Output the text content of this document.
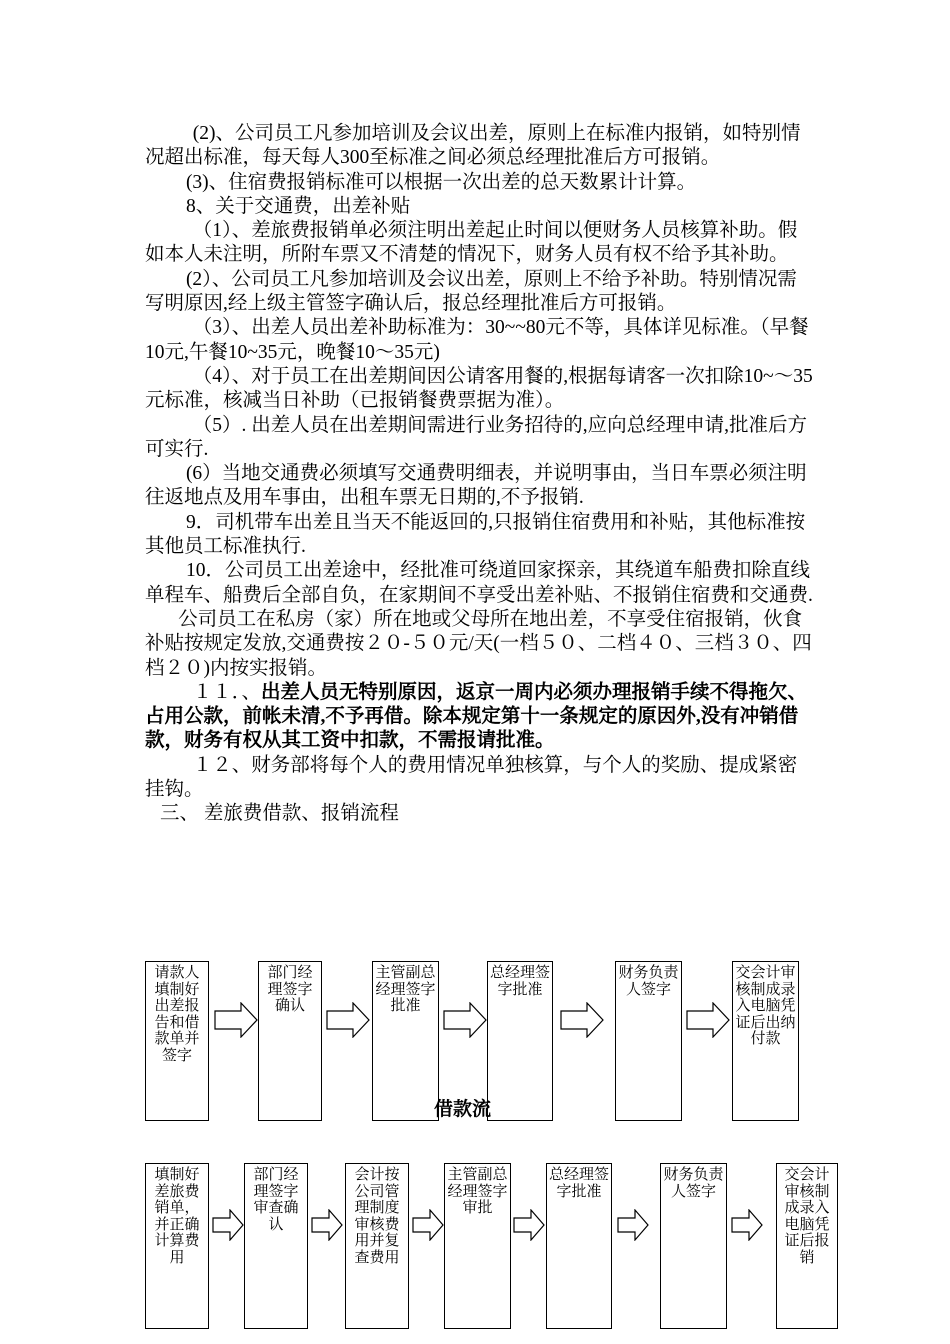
(2)、公司员工凡参加培训及会议出差，原则上在标准内报销，如特别情况超出标准，每天每人300至标准之间必须总经理批准后方可报销。

(3)、住宿费报销标准可以根据一次出差的总天数累计计算。

8、关于交通费，出差补贴

（1）、差旅费报销单必须注明出差起止时间以便财务人员核算补助。假如本人未注明，所附车票又不清楚的情况下，财务人员有权不给予其补助。

(2）、公司员工凡参加培训及会议出差，原则上不给予补助。特别情况需写明原因,经上级主管签字确认后，报总经理批准后方可报销。

（3）、出差人员出差补助标准为：30~~80元不等，具体详见标准。（早餐10元,午餐10~35元，晚餐10～35元)

（4）、对于员工在出差期间因公请客用餐的,根据每请客一次扣除10~～35元标准，核减当日补助（已报销餐费票据为准）。

（5）. 出差人员在出差期间需进行业务招待的,应向总经理申请,批准后方可实行.

(6）当地交通费必须填写交通费明细表，并说明事由，当日车票必须注明往返地点及用车事由，出租车票无日期的,不予报销.

9．司机带车出差且当天不能返回的,只报销住宿费用和补贴，其他标准按其他员工标准执行.

10．公司员工出差途中，经批准可绕道回家探亲，其绕道车船费扣除直线单程车、船费后全部自负，在家期间不享受出差补贴、不报销住宿费和交通费.

公司员工在私房（家）所在地或父母所在地出差，不享受住宿报销，伙食补贴按规定发放,交通费按２０-５０元/天(一档５０、二档４０、三档３０、四档２０)内按实报销。

１１．、出差人员无特别原因，返京一周内必须办理报销手续不得拖欠、占用公款，前帐未清,不予再借。除本规定第十一条规定的原因外,没有冲销借款，财务有权从其工资中扣款，不需报请批准。

１２、财务部将每个人的费用情况单独核算，与个人的奖励、提成紧密挂钩。

三、 差旅费借款、报销流程

请款人填制好出差报告和借款单并签字
部门经理签字确认
主管副总经理签字批准
总经理签字批准
财务负责人签字
交会计审核制成录入电脑凭证后出纳付款
借款流
填制好差旅费销单，并正确计算费用
部门经理签字审查确认
会计按公司管理制度审核费用并复查费用
主管副总经理签字审批
总经理签字批准
财务负责人签字
交会计审核制成录入电脑凭证后报销
